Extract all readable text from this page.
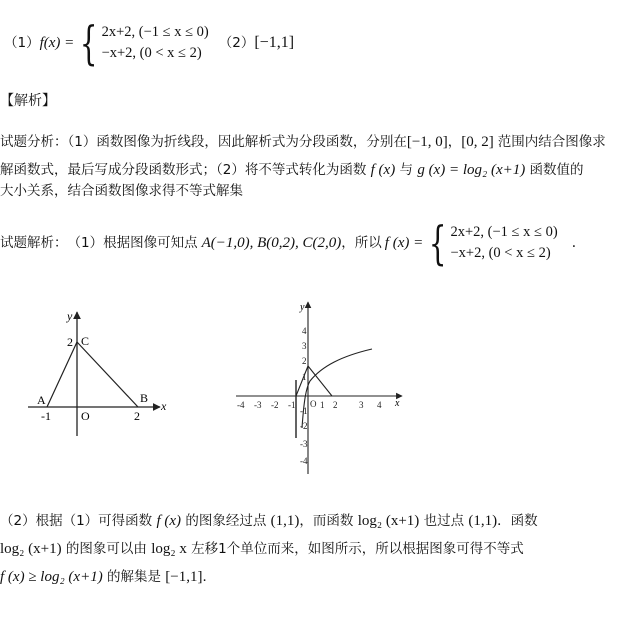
（1） f(x) = { 2x+2, (−1 ≤ x ≤ 0)
−x+2, (0 < x ≤ 2)
（2） [−1,1]
【解析】
试题分析：（1）函数图像为折线段，因此解析式为分段函数，分别在[−1, 0]，[0, 2] 范围内结合图像求
解函数式，最后写成分段函数形式；（2）将不等式转化为函数 f (x) 与 g (x) = log₂ (x+1) 函数值的
大小关系，结合函数图像求得不等式解集
试题解析： （1）根据图像可知点 A(−1,0), B(0,2), C(2,0) ，所以 f (x) = { 2x+2, (−1 ≤ x ≤ 0)
−x+2, (0 < x ≤ 2)
.
y
x
A	B
C
O
-1	2
2
-4 -3 -2 -1 O 1 2 3 4
4
3
2
1
-1
-2
-3
-4
x
y
（2）根据（1）可得函数 f (x) 的图象经过点 (1,1)，而函数 log₂ (x+1) 也过点 (1,1)．函数
log₂ (x+1) 的图象可以由 log₂ x 左移1个单位而来，如图所示，所以根据图象可得不等式
f (x) ≥ log₂ (x+1) 的解集是 [−1,1]．
